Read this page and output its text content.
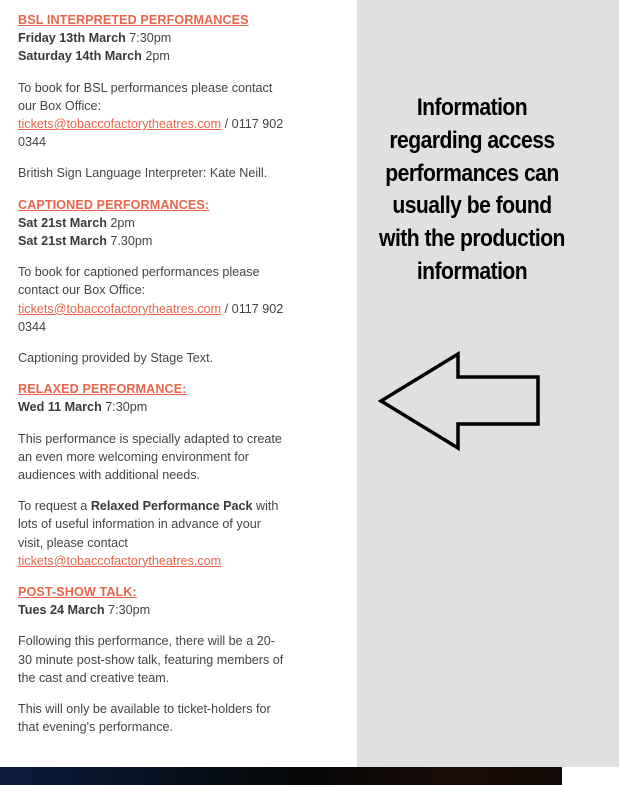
BSL INTERPRETED PERFORMANCES
Friday 13th March 7:30pm
Saturday 14th March 2pm

To book for BSL performances please contact our Box Office: tickets@tobaccofactorytheatres.com / 0117 902 0344

British Sign Language Interpreter: Kate Neill.

CAPTIONED PERFORMANCES:
Sat 21st March 2pm
Sat 21st March 7.30pm

To book for captioned performances please contact our Box Office: tickets@tobaccofactorytheatres.com / 0117 902 0344

Captioning provided by Stage Text.

RELAXED PERFORMANCE:
Wed 11 March 7:30pm

This performance is specially adapted to create an even more welcoming environment for audiences with additional needs.

To request a Relaxed Performance Pack with lots of useful information in advance of your visit, please contact tickets@tobaccofactorytheatres.com

POST-SHOW TALK:
Tues 24 March 7:30pm

Following this performance, there will be a 20-30 minute post-show talk, featuring members of the cast and creative team.

This will only be available to ticket-holders for that evening's performance.

Information regarding access performances can usually be found with the production information
